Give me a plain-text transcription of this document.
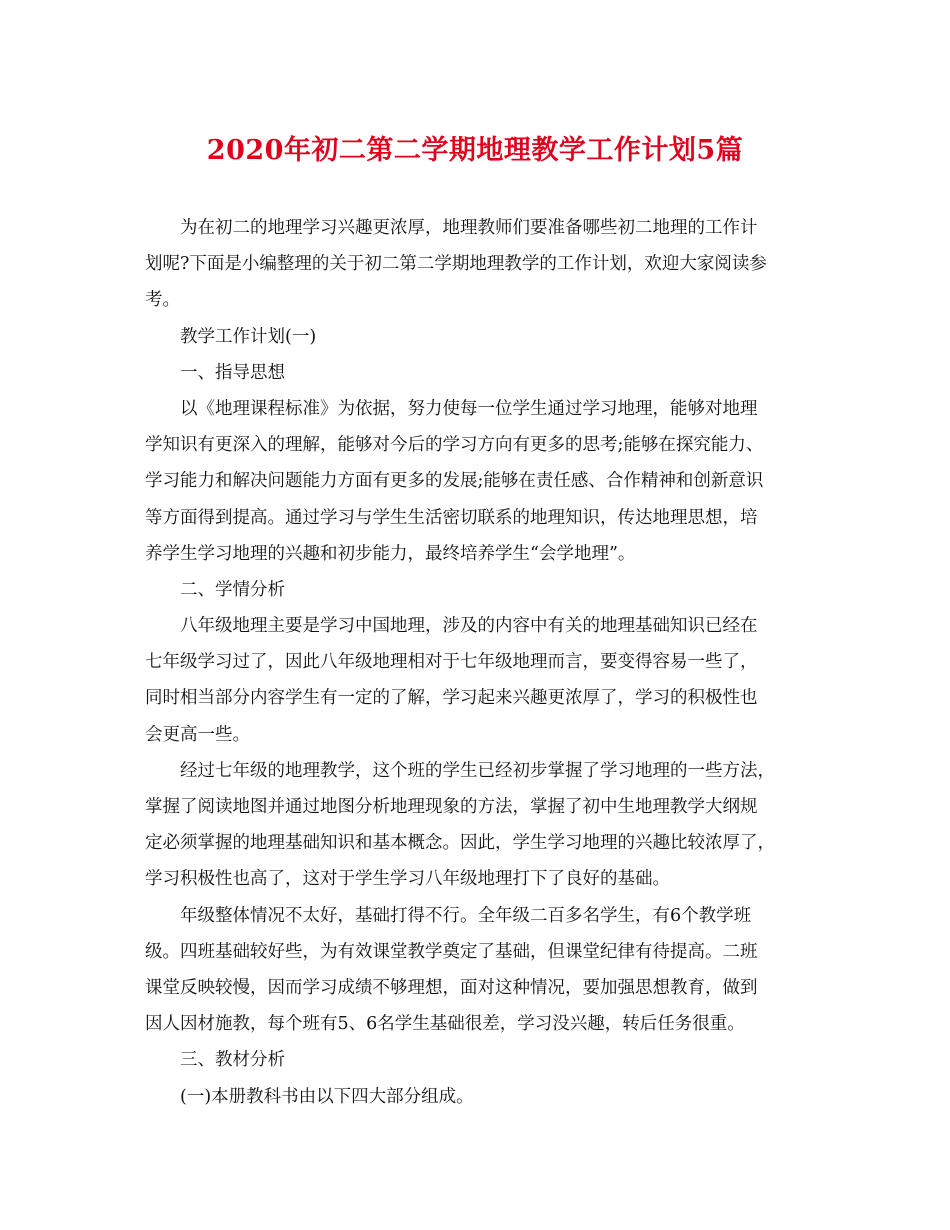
2020年初二第二学期地理教学工作计划5篇
为在初二的地理学习兴趣更浓厚，地理教师们要准备哪些初二地理的工作计
划呢?下面是小编整理的关于初二第二学期地理教学的工作计划，欢迎大家阅读参
考。
教学工作计划(一)
一、指导思想
以《地理课程标准》为依据，努力使每一位学生通过学习地理，能够对地理
学知识有更深入的理解，能够对今后的学习方向有更多的思考;能够在探究能力、
学习能力和解决问题能力方面有更多的发展;能够在责任感、合作精神和创新意识
等方面得到提高。通过学习与学生生活密切联系的地理知识，传达地理思想，培
养学生学习地理的兴趣和初步能力，最终培养学生“会学地理”。
二、学情分析
八年级地理主要是学习中国地理，涉及的内容中有关的地理基础知识已经在
七年级学习过了，因此八年级地理相对于七年级地理而言，要变得容易一些了，
同时相当部分内容学生有一定的了解，学习起来兴趣更浓厚了，学习的积极性也
会更高一些。
经过七年级的地理教学，这个班的学生已经初步掌握了学习地理的一些方法，
掌握了阅读地图并通过地图分析地理现象的方法，掌握了初中生地理教学大纲规
定必须掌握的地理基础知识和基本概念。因此，学生学习地理的兴趣比较浓厚了，
学习积极性也高了，这对于学生学习八年级地理打下了良好的基础。
年级整体情况不太好，基础打得不行。全年级二百多名学生，有6个教学班
级。四班基础较好些，为有效课堂教学奠定了基础，但课堂纪律有待提高。二班
课堂反映较慢，因而学习成绩不够理想，面对这种情况，要加强思想教育，做到
因人因材施教，每个班有5、6名学生基础很差，学习没兴趣，转后任务很重。
三、教材分析
(一)本册教科书由以下四大部分组成。
